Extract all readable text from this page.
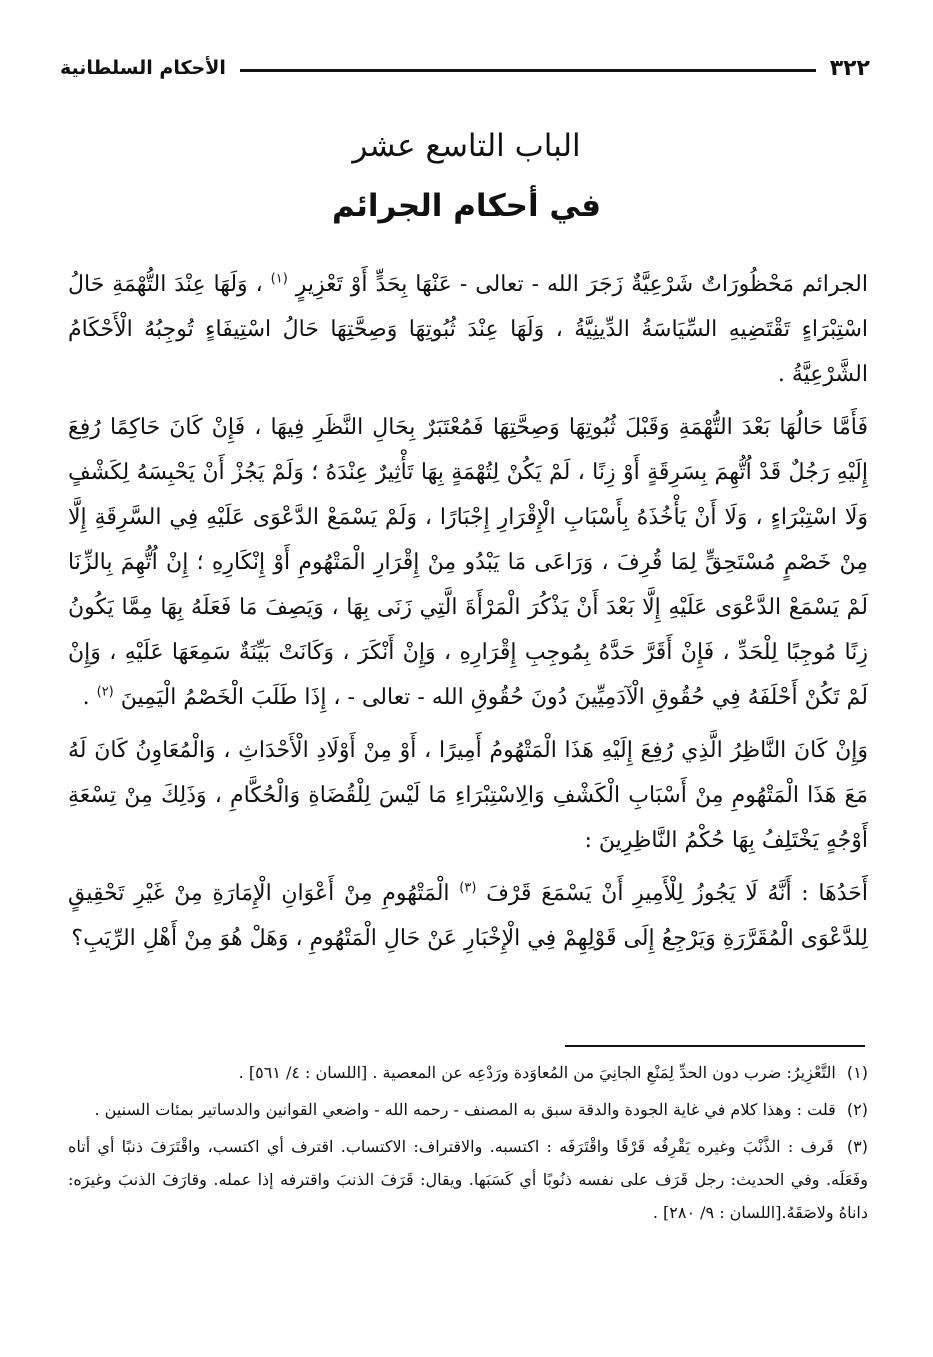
٣٢٢
الأحكام السلطانية
الباب التاسع عشر
في أحكام الجرائم

الجرائم مَحْظُورَاتٌ شَرْعِيَّةٌ زَجَرَ الله - تعالى - عَنْهَا بِحَدٍّ أَوْ تَعْزِيرٍ $^{(١)}$ ، وَلَهَا عِنْدَ التُّهْمَةِ حَالُ اسْتِبْرَاءٍ تَقْتَضِيهِ السِّيَاسَةُ الدِّينِيَّةُ ، وَلَهَا عِنْدَ ثُبُوتِهَا وَصِحَّتِهَا حَالُ اسْتِيفَاءٍ تُوجِبُهُ الْأَحْكَامُ الشَّرْعِيَّةُ .

فَأَمَّا حَالُهَا بَعْدَ التُّهْمَةِ وَقَبْلَ ثُبُوتِهَا وَصِحَّتِهَا فَمُعْتَبَرٌ بِحَالِ النَّظَرِ فِيهَا ، فَإِنْ كَانَ حَاكِمًا رُفِعَ إِلَيْهِ رَجُلٌ قَدْ اُتُّهِمَ بِسَرِقَةٍ أَوْ زِنًا ، لَمْ يَكُنْ لِتُهْمَةٍ بِهَا تَأْثِيرٌ عِنْدَهُ ؛ وَلَمْ يَجُزْ أَنْ يَحْبِسَهُ لِكَشْفٍ وَلَا اسْتِبْرَاءٍ ، وَلَا أَنْ يَأْخُذَهُ بِأَسْبَابِ الْإِقْرَارِ إِجْبَارًا ، وَلَمْ يَسْمَعْ الدَّعْوَى عَلَيْهِ فِي السَّرِقَةِ إِلَّا مِنْ خَصْمٍ مُسْتَحِقٍّ لِمَا قُرِفَ ، وَرَاعَى مَا يَبْدُو مِنْ إِقْرَارِ الْمَتْهُومِ أَوْ إِنْكَارِهِ ؛ إِنْ اُتُّهِمَ بِالزِّنَا لَمْ يَسْمَعْ الدَّعْوَى عَلَيْهِ إِلَّا بَعْدَ أَنْ يَذْكُرَ الْمَرْأَةَ الَّتِي زَنَى بِهَا ، وَيَصِفَ مَا فَعَلَهُ بِهَا مِمَّا يَكُونُ زِنًا مُوجِبًا لِلْحَدِّ ، فَإِنْ أَقَرَّ حَدَّهُ بِمُوجِبِ إِقْرَارِهِ ، وَإِنْ أَنْكَرَ ، وَكَانَتْ بَيِّنَةٌ سَمِعَهَا عَلَيْهِ ، وَإِنْ لَمْ تَكُنْ أَحْلَفَهُ فِي حُقُوقِ الْآدَمِيِّينَ دُونَ حُقُوقِ الله - تعالى - ، إِذَا طَلَبَ الْخَصْمُ الْيَمِينَ $^{(٢)}$ .

وَإِنْ كَانَ النَّاظِرُ الَّذِي رُفِعَ إِلَيْهِ هَذَا الْمَتْهُومُ أَمِيرًا ، أَوْ مِنْ أَوْلَادِ الْأَحْدَاثِ ، وَالْمُعَاوِنُ كَانَ لَهُ مَعَ هَذَا الْمَتْهُومِ مِنْ أَسْبَابِ الْكَشْفِ وَالِاسْتِبْرَاءِ مَا لَيْسَ لِلْقُضَاةِ وَالْحُكَّامِ ، وَذَلِكَ مِنْ تِسْعَةِ أَوْجُهٍ يَخْتَلِفُ بِهَا حُكْمُ النَّاظِرِينَ :

أَحَدُهَا : أَنَّهُ لَا يَجُوزُ لِلْأَمِيرِ أَنْ يَسْمَعَ قَرْفَ $^{(٣)}$ الْمَتْهُومِ مِنْ أَعْوَانِ الْإِمَارَةِ مِنْ غَيْرِ تَحْقِيقٍ لِلدَّعْوَى الْمُقَرَّرَةِ وَيَرْجِعُ إِلَى قَوْلِهِمْ فِي الْإِخْبَارِ عَنْ حَالِ الْمَتْهُومِ ، وَهَلْ هُوَ مِنْ أَهْلِ الرِّيَبِ؟

(١) التَّعْزِيرُ: ضرب دون الحدِّ لِمَنْعِ الجانِيَ من المُعاوَدة ورَدْعِه عن المعصية . [اللسان : ٤/ ٥٦١] .
(٢) قلت : وهذا كلام في غاية الجودة والدقة سبق به المصنف - رحمه الله - واضعي القوانين والدساتير بمئات السنين .
(٣) قَرف : الذَّنْبَ وغيره يَقْرِفُه قَرْفًا واقْتَرَفَه : اكتسبه. والاقتراف: الاكتساب. اقترف أي اكتسب، واقْتَرَفَ ذنبًا أي أتاه وفَعَلَه. وفي الحديث: رجل قَرَف على نفسه ذنُوبًا أي كَسَبَها. ويقال: قَرَفَ الذنبَ واقترفه إذا عمله. وقارَفَ الذنبَ وغيرَه: داناهُ ولاصَقَهُ.[اللسان : ٩/ ٢٨٠] .
